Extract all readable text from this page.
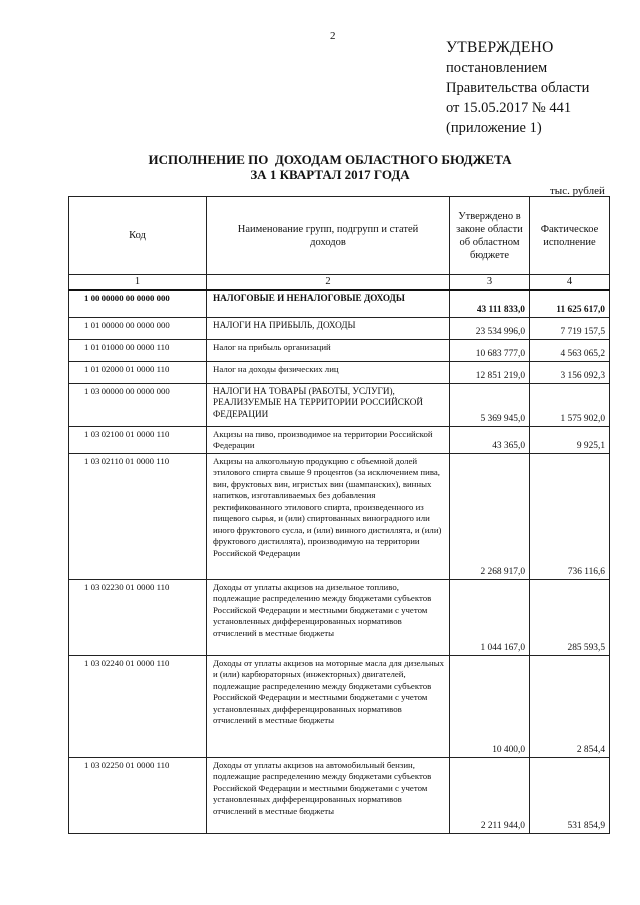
2
УТВЕРЖДЕНО
постановлением
Правительства области
от 15.05.2017 № 441
(приложение 1)
ИСПОЛНЕНИЕ ПО  ДОХОДАМ ОБЛАСТНОГО БЮДЖЕТА
ЗА 1 КВАРТАЛ 2017 ГОДА
тыс. рублей
Код	Наименование групп, подгрупп и статей доходов	Утверждено в законе области об областном бюджете	Фактическое исполнение
1	2	3	4
1 00 00000 00 0000 000	НАЛОГОВЫЕ И НЕНАЛОГОВЫЕ ДОХОДЫ	43 111 833,0	11 625 617,0
1 01 00000 00 0000 000	НАЛОГИ НА ПРИБЫЛЬ, ДОХОДЫ	23 534 996,0	7 719 157,5
1 01 01000 00 0000 110	Налог на прибыль организаций	10 683 777,0	4 563 065,2
1 01 02000 01 0000 110	Налог на доходы физических лиц	12 851 219,0	3 156 092,3
1 03 00000 00 0000 000	НАЛОГИ НА ТОВАРЫ (РАБОТЫ, УСЛУГИ), РЕАЛИЗУЕМЫЕ НА ТЕРРИТОРИИ РОССИЙСКОЙ ФЕДЕРАЦИИ	5 369 945,0	1 575 902,0
1 03 02100 01 0000 110	Акцизы на пиво, производимое на территории Российской Федерации	43 365,0	9 925,1
1 03 02110 01 0000 110	Акцизы на алкогольную продукцию с объемной долей этилового спирта свыше 9 процентов (за исключением пива, вин, фруктовых вин, игристых вин (шампанских), винных напитков, изготавливаемых без добавления ректификованного этилового спирта, произведенного из пищевого сырья, и (или) спиртованных виноградного или иного фруктового сусла, и (или) винного дистиллята, и (или) фруктового дистиллята), производимую на территории Российской Федерации	2 268 917,0	736 116,6
1 03 02230 01 0000 110	Доходы от уплаты акцизов на дизельное топливо, подлежащие распределению между бюджетами субъектов Российской Федерации и местными бюджетами с учетом установленных дифференцированных нормативов отчислений в местные бюджеты	1 044 167,0	285 593,5
1 03 02240 01 0000 110	Доходы от уплаты акцизов на моторные масла для дизельных и (или) карбюраторных (инжекторных) двигателей, подлежащие распределению между бюджетами субъектов Российской Федерации и местными бюджетами с учетом установленных дифференцированных нормативов отчислений в местные бюджеты	10 400,0	2 854,4
1 03 02250 01 0000 110	Доходы от уплаты акцизов на автомобильный бензин, подлежащие распределению между бюджетами субъектов Российской Федерации и местными бюджетами с учетом установленных дифференцированных нормативов отчислений в местные бюджеты	2 211 944,0	531 854,9
